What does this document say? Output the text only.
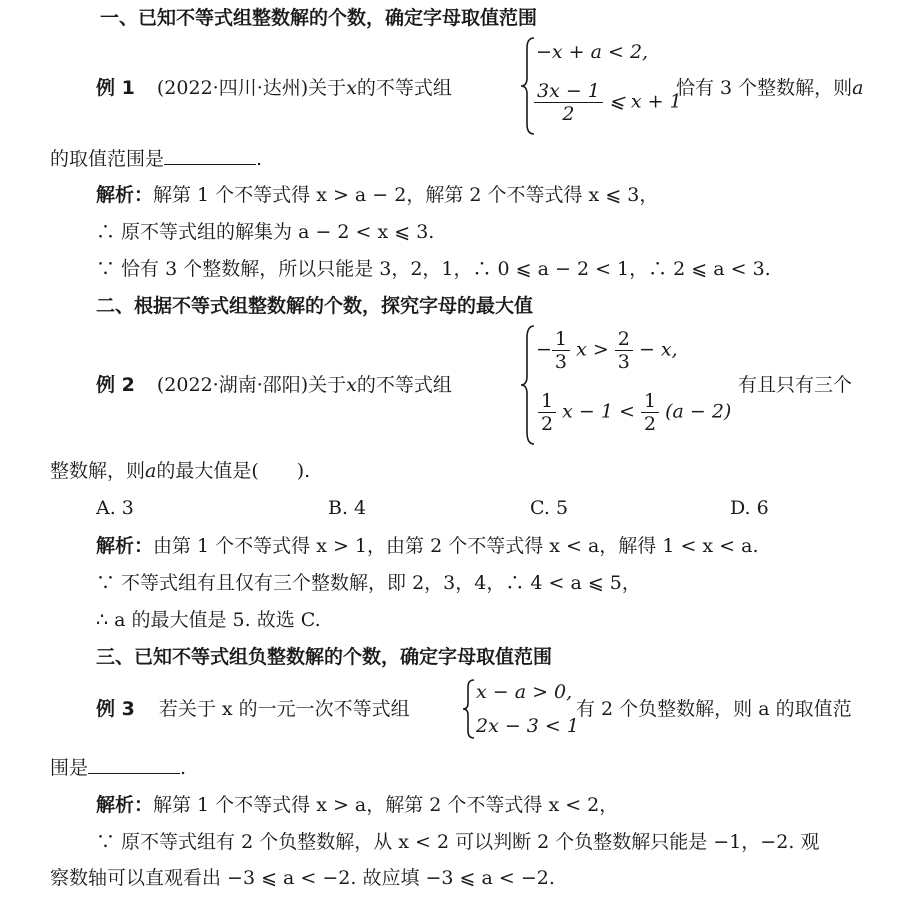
一、已知不等式组整数解的个数，确定字母取值范围
例 1 (2022·四川·达州)关于x的不等式组
−x + a < 2,
$\frac{3x - 1}{2}$ ⩽ x + 1
恰有 3 个整数解，则a
的取值范围是	.
解析：解第 1 个不等式得 x > a − 2，解第 2 个不等式得 x ⩽ 3，
∴ 原不等式组的解集为 a − 2 < x ⩽ 3.
∵ 恰有 3 个整数解，所以只能是 3，2，1，∴ 0 ⩽ a − 2 < 1，∴ 2 ⩽ a < 3.
二、根据不等式组整数解的个数，探究字母的最大值
例 2 (2022·湖南·邵阳)关于x的不等式组
− $\frac{1}{3}$ $x > \frac{2}{3} - x$,
$\frac{1}{2}$ $x - 1 < \frac{1}{2} (a - 2)$
有且只有三个
整数解，则a的最大值是(　　).
A. 3	B. 4	C. 5	D. 6
解析：由第 1 个不等式得 x > 1，由第 2 个不等式得 x < a，解得 1 < x < a.
∵ 不等式组有且仅有三个整数解，即 2，3，4，∴ 4 < a ⩽ 5，
∴ a 的最大值是 5. 故选 C.
三、已知不等式组负整数解的个数，确定字母取值范围
例 3 若关于 x 的一元一次不等式组
x − a > 0,
2x − 3 < 1
有 2 个负整数解，则 a 的取值范
围是	.
解析：解第 1 个不等式得 x > a，解第 2 个不等式得 x < 2，
∵ 原不等式组有 2 个负整数解，从 x < 2 可以判断 2 个负整数解只能是 −1，−2. 观
察数轴可以直观看出 −3 ⩽ a < −2. 故应填 −3 ⩽ a < −2.
